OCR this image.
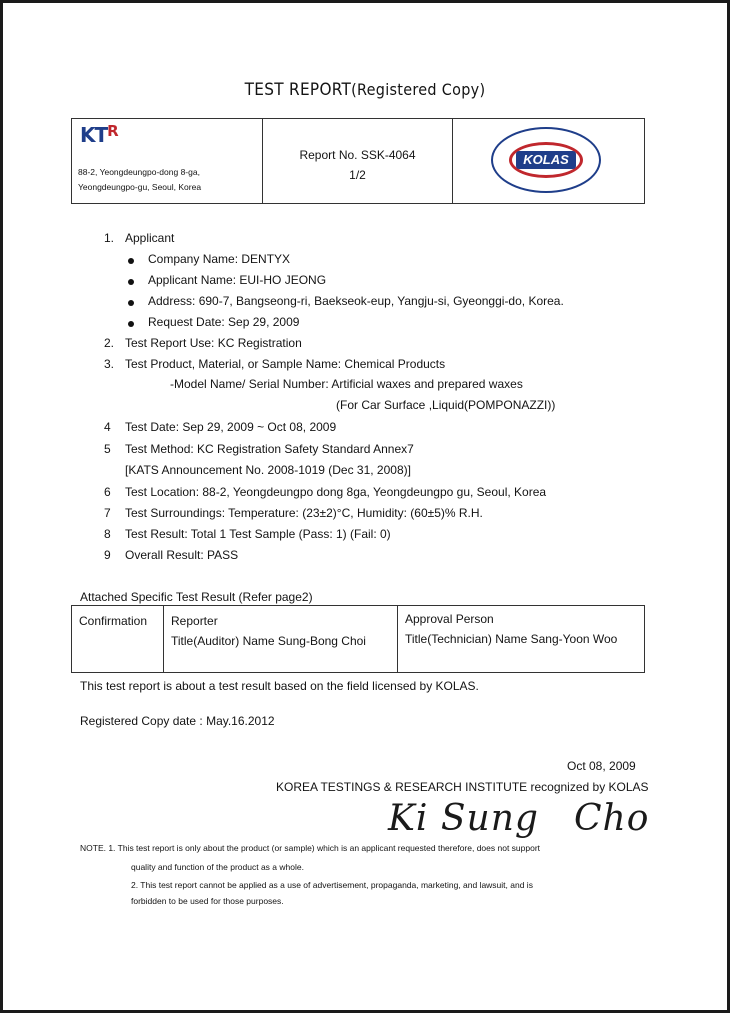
TEST REPORT(Registered Copy)
$KT^R$
88-2, Yeongdeungpo-dong 8-ga,
Yeongdeungpo-gu, Seoul, Korea
Report No. SSK-4064
1/2
KOLAS
1. Applicant
Company Name: DENTYX
Applicant Name: EUI-HO JEONG
Address: 690-7, Bangseong-ri, Baekseok-eup, Yangju-si, Gyeonggi-do, Korea.
Request Date: Sep 29, 2009
2. Test Report Use: KC Registration
3. Test Product, Material, or Sample Name: Chemical Products
-Model Name/ Serial Number: Artificial waxes and prepared waxes
(For Car Surface ,Liquid(POMPONAZZI))
4 Test Date: Sep 29, 2009 ~ Oct 08, 2009
5 Test Method: KC Registration Safety Standard Annex7
[KATS Announcement No. 2008-1019 (Dec 31, 2008)]
6 Test Location: 88-2, Yeongdeungpo dong 8ga, Yeongdeungpo gu, Seoul, Korea
7 Test Surroundings: Temperature: (23±2)°C, Humidity: (60±5)% R.H.
8 Test Result: Total 1 Test Sample (Pass: 1) (Fail: 0)
9 Overall Result: PASS
Attached Specific Test Result (Refer page2)
Confirmation Reporter
Title(Auditor) Name Sung-Bong Choi
Approval Person
Title(Technician) Name Sang-Yoon Woo
This test report is about a test result based on the field licensed by KOLAS.
Registered Copy date : May.16.2012
Oct 08, 2009
KOREA TESTINGS & RESEARCH INSTITUTE recognized by KOLAS
Ki Sung Cho
NOTE. 1. This test report is only about the product (or sample) which is an applicant requested therefore, does not support
quality and function of the product as a whole.
2. This test report cannot be applied as a use of advertisement, propaganda, marketing, and lawsuit, and is
forbidden to be used for those purposes.
